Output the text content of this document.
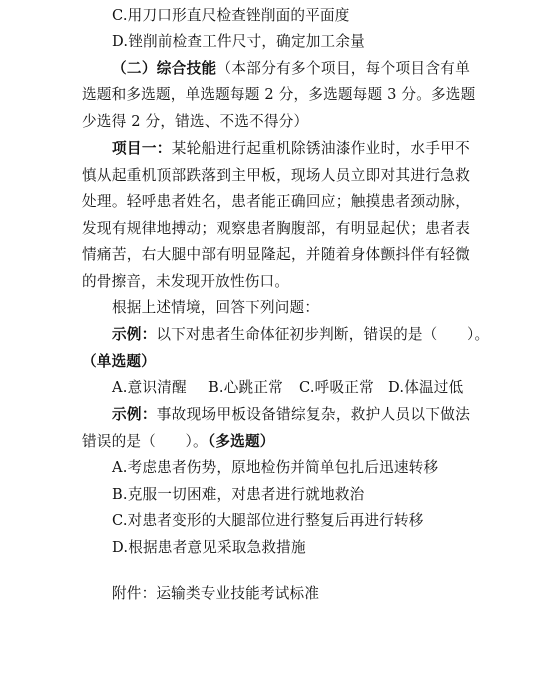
C.用刀口形直尺检查锉削面的平面度
D.锉削前检查工件尺寸，确定加工余量
（二）综合技能（本部分有多个项目，每个项目含有单
选题和多选题，单选题每题 2 分，多选题每题 3 分。多选题
少选得 2 分，错选、不选不得分）
项目一：某轮船进行起重机除锈油漆作业时，水手甲不
慎从起重机顶部跌落到主甲板，现场人员立即对其进行急救
处理。轻呼患者姓名，患者能正确回应；触摸患者颈动脉，
发现有规律地搏动；观察患者胸腹部，有明显起伏；患者表
情痛苦，右大腿中部有明显隆起，并随着身体颤抖伴有轻微
的骨擦音，未发现开放性伤口。
根据上述情境，回答下列问题：
示例：以下对患者生命体征初步判断，错误的是（　　）。
（单选题）
A.意识清醒 B.心跳正常 C.呼吸正常 D.体温过低
示例：事故现场甲板设备错综复杂，救护人员以下做法
错误的是（　　）。（多选题）
A.考虑患者伤势，原地检伤并简单包扎后迅速转移
B.克服一切困难，对患者进行就地救治
C.对患者变形的大腿部位进行整复后再进行转移
D.根据患者意见采取急救措施
附件：运输类专业技能考试标准
